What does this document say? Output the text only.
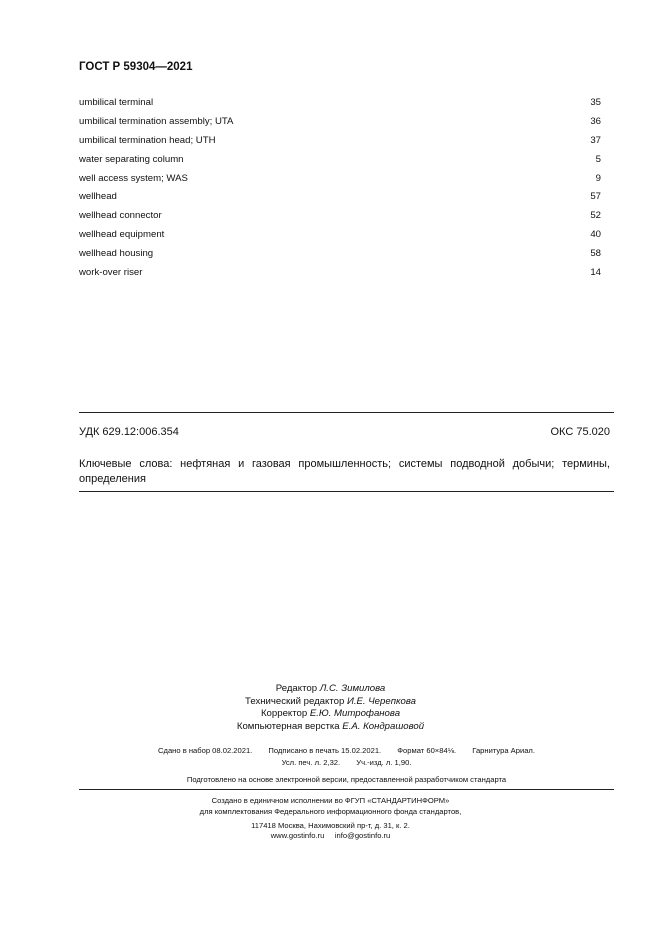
ГОСТ Р 59304—2021
umbilical terminal	35
umbilical termination assembly; UTA	36
umbilical termination head; UTH	37
water separating column	5
well access system; WAS	9
wellhead	57
wellhead connector	52
wellhead equipment	40
wellhead housing	58
work-over riser	14
УДК 629.12:006.354	ОКС 75.020
Ключевые слова: нефтяная и газовая промышленность; системы подводной добычи; термины, определения
Редактор Л.С. Зимилова
Технический редактор И.Е. Черепкова
Корректор Е.Ю. Митрофанова
Компьютерная верстка Е.А. Кондрашовой
Сдано в набор 08.02.2021. Подписано в печать 15.02.2021. Формат 60×84⅛. Гарнитура Ариал.
Усл. печ. л. 2,32. Уч.-изд. л. 1,90.
Подготовлено на основе электронной версии, предоставленной разработчиком стандарта
Создано в единичном исполнении во ФГУП «СТАНДАРТИНФОРМ»
для комплектования Федерального информационного фонда стандартов,
117418 Москва, Нахимовский пр-т, д. 31, к. 2.
www.gostinfo.ru info@gostinfo.ru
